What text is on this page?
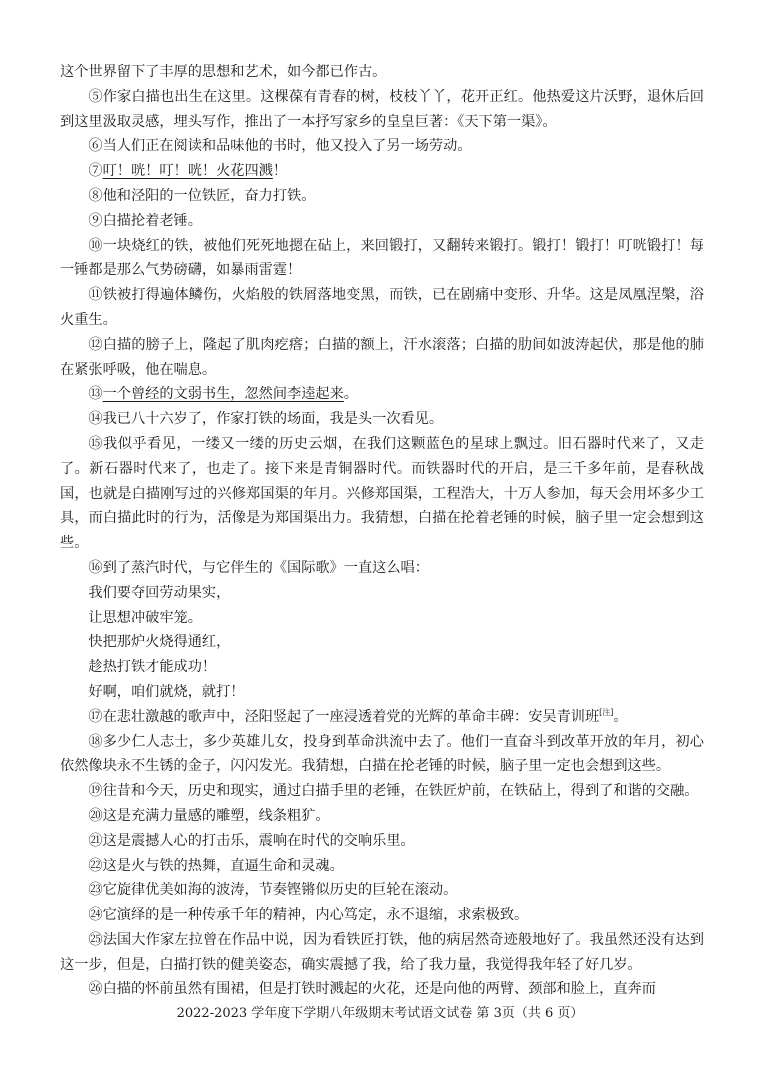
这个世界留下了丰厚的思想和艺术，如今都已作古。

⑤作家白描也出生在这里。这棵葆有青春的树，枝枝丫丫，花开正红。他热爱这片沃野，退休后回到这里汲取灵感，埋头写作，推出了一本抒写家乡的皇皇巨著：《天下第一渠》。

⑥当人们正在阅读和品味他的书时，他又投入了另一场劳动。

⑦叮！咣！叮！咣！火花四溅！

⑧他和泾阳的一位铁匠，奋力打铁。

⑨白描抡着老锤。

⑩一块烧红的铁，被他们死死地摁在砧上，来回锻打，又翻转来锻打。锻打！锻打！叮咣锻打！每一锤都是那么气势磅礴，如暴雨雷霆！

⑪铁被打得遍体鳞伤，火焰般的铁屑落地变黑，而铁，已在剧痛中变形、升华。这是凤凰涅槃，浴火重生。

⑫白描的膀子上，隆起了肌肉疙瘩；白描的额上，汗水滚落；白描的肋间如波涛起伏，那是他的肺在紧张呼吸，他在喘息。

⑬一个曾经的文弱书生，忽然间李逵起来。

⑭我已八十六岁了，作家打铁的场面，我是头一次看见。

⑮我似乎看见，一缕又一缕的历史云烟，在我们这颗蓝色的星球上飘过。旧石器时代来了，又走了。新石器时代来了，也走了。接下来是青铜器时代。而铁器时代的开启，是三千多年前，是春秋战国，也就是白描刚写过的兴修郑国渠的年月。兴修郑国渠，工程浩大，十万人参加，每天会用坏多少工具，而白描此时的行为，活像是为郑国渠出力。我猜想，白描在抡着老锤的时候，脑子里一定会想到这些。

⑯到了蒸汽时代，与它伴生的《国际歌》一直这么唱：

我们要夺回劳动果实，

让思想冲破牢笼。

快把那炉火烧得通红，

趁热打铁才能成功！

好啊，咱们就烧，就打！

⑰在悲壮激越的歌声中，泾阳竖起了一座浸透着党的光辉的革命丰碑：安吴青训班[注]。

⑱多少仁人志士，多少英雄儿女，投身到革命洪流中去了。他们一直奋斗到改革开放的年月，初心依然像块永不生锈的金子，闪闪发光。我猜想，白描在抡老锤的时候，脑子里一定也会想到这些。

⑲往昔和今天，历史和现实，通过白描手里的老锤，在铁匠炉前，在铁砧上，得到了和谐的交融。

⑳这是充满力量感的雕塑，线条粗犷。

㉑这是震撼人心的打击乐，震响在时代的交响乐里。

㉒这是火与铁的热舞，直逼生命和灵魂。

㉓它旋律优美如海的波涛，节奏铿锵似历史的巨轮在滚动。

㉔它演绎的是一种传承千年的精神，内心笃定，永不退缩，求索极致。

㉕法国大作家左拉曾在作品中说，因为看铁匠打铁，他的病居然奇迹般地好了。我虽然还没有达到这一步，但是，白描打铁的健美姿态，确实震撼了我，给了我力量，我觉得我年轻了好几岁。

㉖白描的怀前虽然有围裙，但是打铁时溅起的火花，还是向他的两臂、颈部和脸上，直奔而

2022-2023 学年度下学期八年级期末考试语文试卷 第 3页（共 6 页）
